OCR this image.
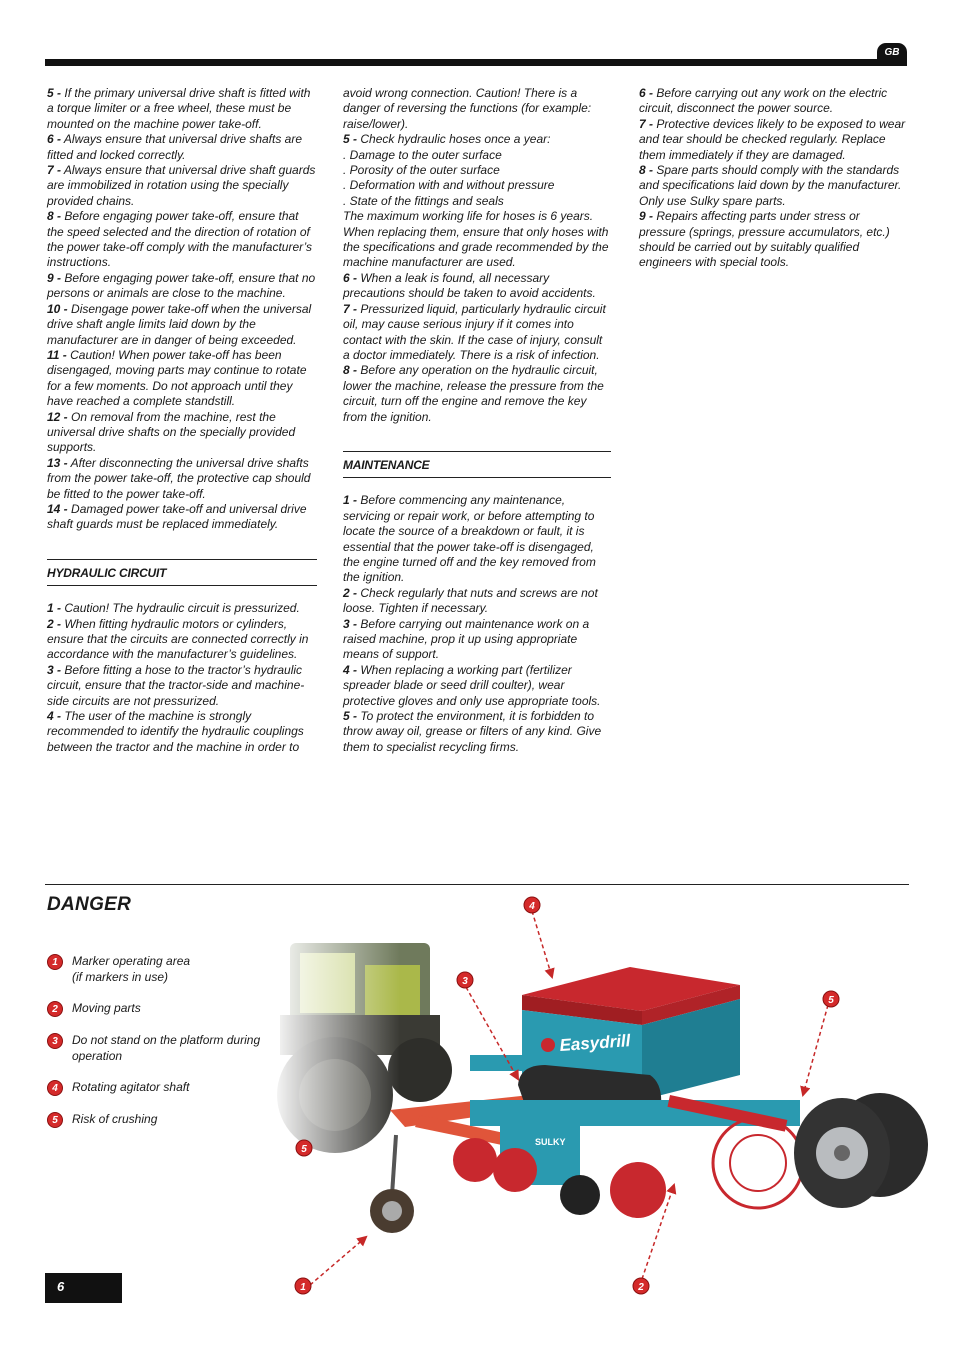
GB

5 - If the primary universal drive shaft is fitted with a torque limiter or a free wheel, these must be mounted on the machine power take-off.

6 - Always ensure that universal drive shafts are fitted and locked correctly.

7 - Always ensure that universal drive shaft guards are immobilized in rotation using the specially provided chains.

8 - Before engaging power take-off, ensure that the speed selected and the direction of rotation of the power take-off comply with the manufacturer’s instructions.

9 - Before engaging power take-off, ensure that no persons or animals are close to the machine.

10 - Disengage power take-off when the universal drive shaft angle limits laid down by the manufacturer are in danger of being exceeded.

11 - Caution! When power take-off has been disengaged, moving parts may continue to rotate for a few moments. Do not approach until they have reached a complete standstill.

12 - On removal from the machine, rest the universal drive shafts on the specially provided supports.

13 - After disconnecting the universal drive shafts from the power take-off, the protective cap should be fitted to the power take-off.

14 - Damaged power take-off and universal drive shaft guards must be replaced immediately.

HYDRAULIC CIRCUIT

1 - Caution! The hydraulic circuit is pressurized.

2 - When fitting hydraulic motors or cylinders, ensure that the circuits are connected correctly in accordance with the manufacturer’s guidelines.

3 - Before fitting a hose to the tractor’s hydraulic circuit, ensure that the tractor-side and machine-side circuits are not pressurized.

4 - The user of the machine is strongly recommended to identify the hydraulic couplings between the tractor and the machine in order to

avoid wrong connection. Caution! There is a danger of reversing the functions (for example: raise/lower).

5 - Check hydraulic hoses once a year:

. Damage to the outer surface

. Porosity of the outer surface

. Deformation with and without pressure

. State of the fittings and seals

The maximum working life for hoses is 6 years. When replacing them, ensure that only hoses with the specifications and grade recommended by the machine manufacturer are used.

6 - When a leak is found, all necessary precautions should be taken to avoid accidents.

7 - Pressurized liquid, particularly hydraulic circuit oil, may cause serious injury if it comes into contact with the skin. If the case of injury, consult a doctor immediately. There is a risk of infection.

8 - Before any operation on the hydraulic circuit, lower the machine, release the pressure from the circuit, turn off the engine and remove the key from the ignition.

MAINTENANCE

1 - Before commencing any maintenance, servicing or repair work, or before attempting to locate the source of a breakdown or fault, it is essential that the power take-off is disengaged, the engine turned off and the key removed from the ignition.

2 - Check regularly that nuts and screws are not loose. Tighten if necessary.

3 - Before carrying out maintenance work on a raised machine, prop it up using appropriate means of support.

4 - When replacing a working part (fertilizer spreader blade or seed drill coulter), wear protective gloves and only use appropriate tools.

5 - To protect the environment, it is forbidden to throw away oil, grease or filters of any kind. Give them to specialist recycling firms.

6 - Before carrying out any work on the electric circuit, disconnect the power source.

7 - Protective devices likely to be exposed to wear and tear should be checked regularly. Replace them immediately if they are damaged.

8 - Spare parts should comply with the standards and specifications laid down by the manufacturer. Only use Sulky spare parts.

9 - Repairs affecting parts under stress or pressure (springs, pressure accumulators, etc.) should be carried out by suitably qualified engineers with special tools.

DANGER
1	Marker operating area
(if markers in use)
2	Moving parts
3	Do not stand on the platform during
operation
4	Rotating agitator shaft
5	Risk of crushing
Easydrill
SULKY
4
3
5
5
1	2
6
